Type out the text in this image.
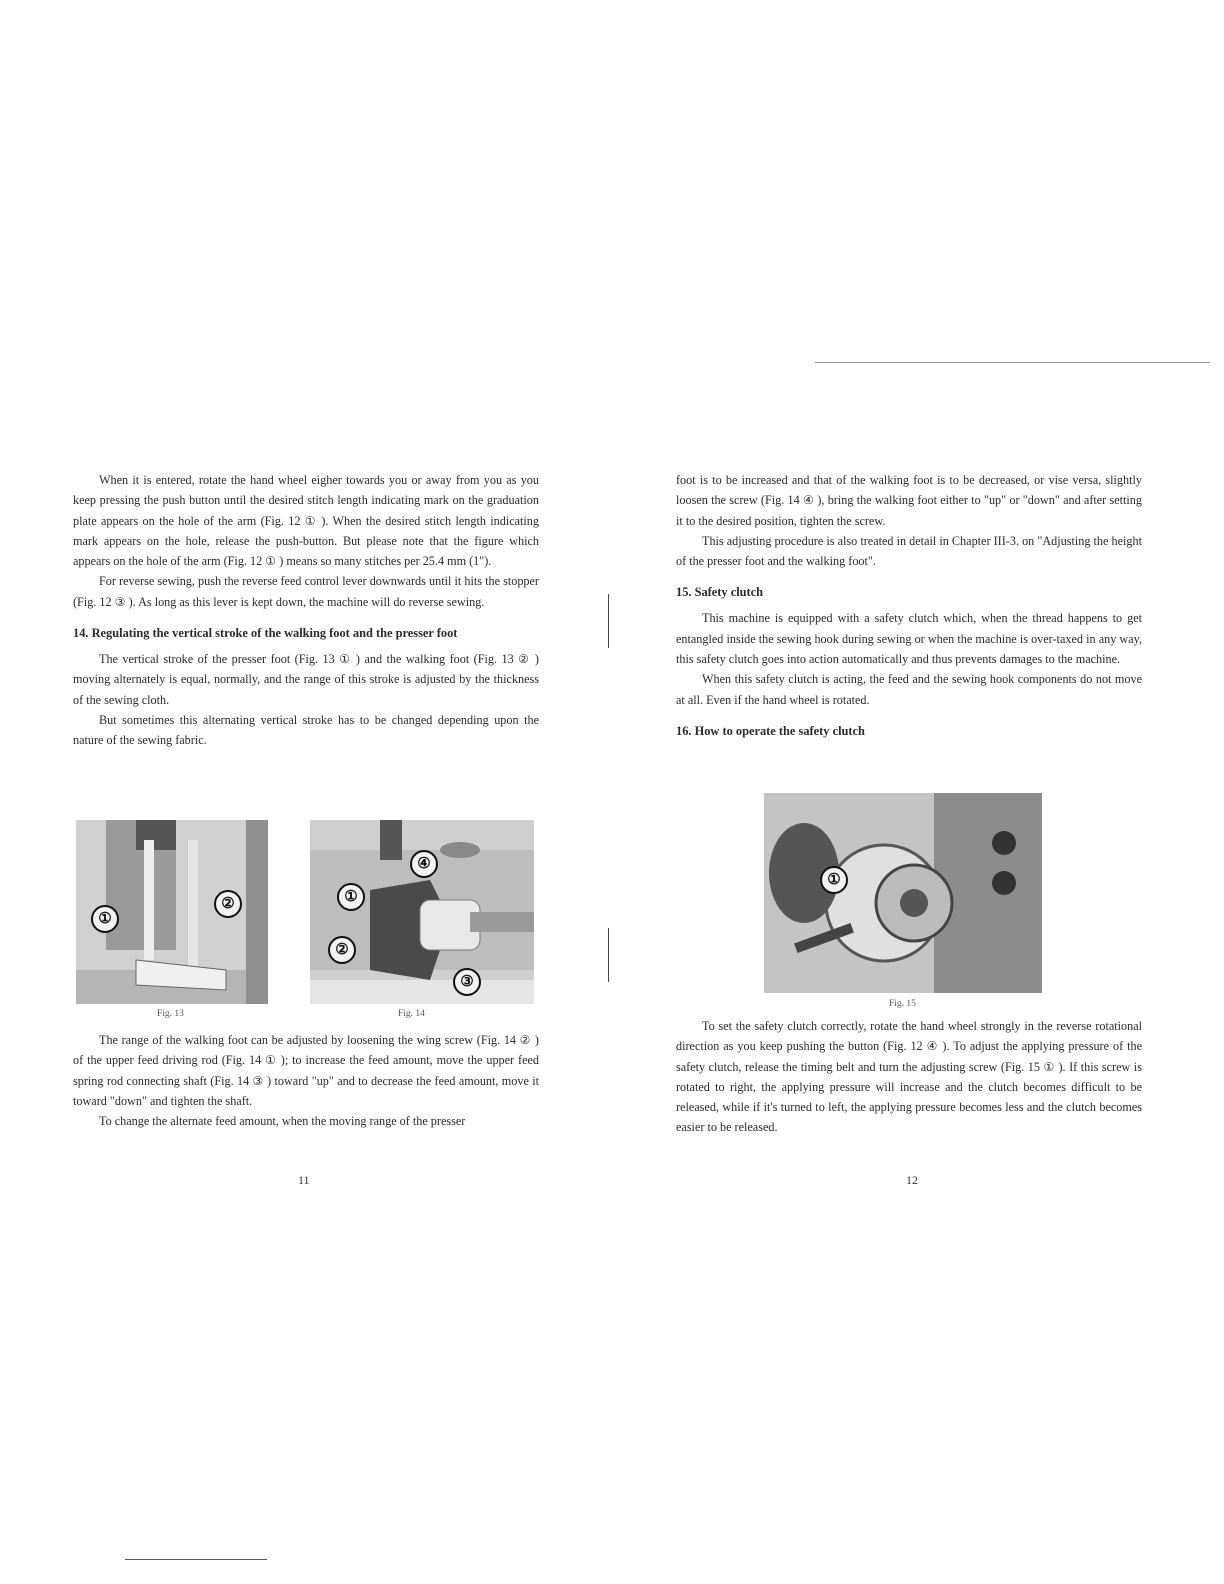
When it is entered, rotate the hand wheel eigher towards you or away from you as you keep pressing the push button until the desired stitch length indicating mark on the graduation plate appears on the hole of the arm (Fig. 12 ① ). When the desired stitch length indicating mark appears on the hole, release the push-button. But please note that the figure which appears on the hole of the arm (Fig. 12 ① ) means so many stitches per 25.4 mm (1").

For reverse sewing, push the reverse feed control lever downwards until it hits the stopper (Fig. 12 ③ ). As long as this lever is kept down, the machine will do reverse sewing.

14. Regulating the vertical stroke of the walking foot and the presser foot

The vertical stroke of the presser foot (Fig. 13 ① ) and the walking foot (Fig. 13 ② ) moving alternately is equal, normally, and the range of this stroke is adjusted by the thickness of the sewing cloth.

But sometimes this alternating vertical stroke has to be changed depending upon the nature of the sewing fabric.

①
②
Fig. 13
①
②
③
④
Fig. 14

The range of the walking foot can be adjusted by loosening the wing screw (Fig. 14 ② ) of the upper feed driving rod (Fig. 14 ① ); to increase the feed amount, move the upper feed spring rod connecting shaft (Fig. 14 ③ ) toward "up" and to decrease the feed amount, move it toward "down" and tighten the shaft.

To change the alternate feed amount, when the moving range of the presser

11

foot is to be increased and that of the walking foot is to be decreased, or vise versa, slightly loosen the screw (Fig. 14 ④ ), bring the walking foot either to "up" or "down" and after setting it to the desired position, tighten the screw.

This adjusting procedure is also treated in detail in Chapter III-3. on "Adjusting the height of the presser foot and the walking foot".

15. Safety clutch

This machine is equipped with a safety clutch which, when the thread happens to get entangled inside the sewing hook during sewing or when the machine is over-taxed in any way, this safety clutch goes into action automatically and thus prevents damages to the machine.

When this safety clutch is acting, the feed and the sewing hook components do not move at all. Even if the hand wheel is rotated.

16. How to operate the safety clutch
①
Fig. 15

To set the safety clutch correctly, rotate the hand wheel strongly in the reverse rotational direction as you keep pushing the button (Fig. 12 ④ ). To adjust the applying pressure of the safety clutch, release the timing belt and turn the adjusting screw (Fig. 15 ① ). If this screw is rotated to right, the applying pressure will increase and the clutch becomes difficult to be released, while if it's turned to left, the applying pressure becomes less and the clutch becomes easier to be released.

12
